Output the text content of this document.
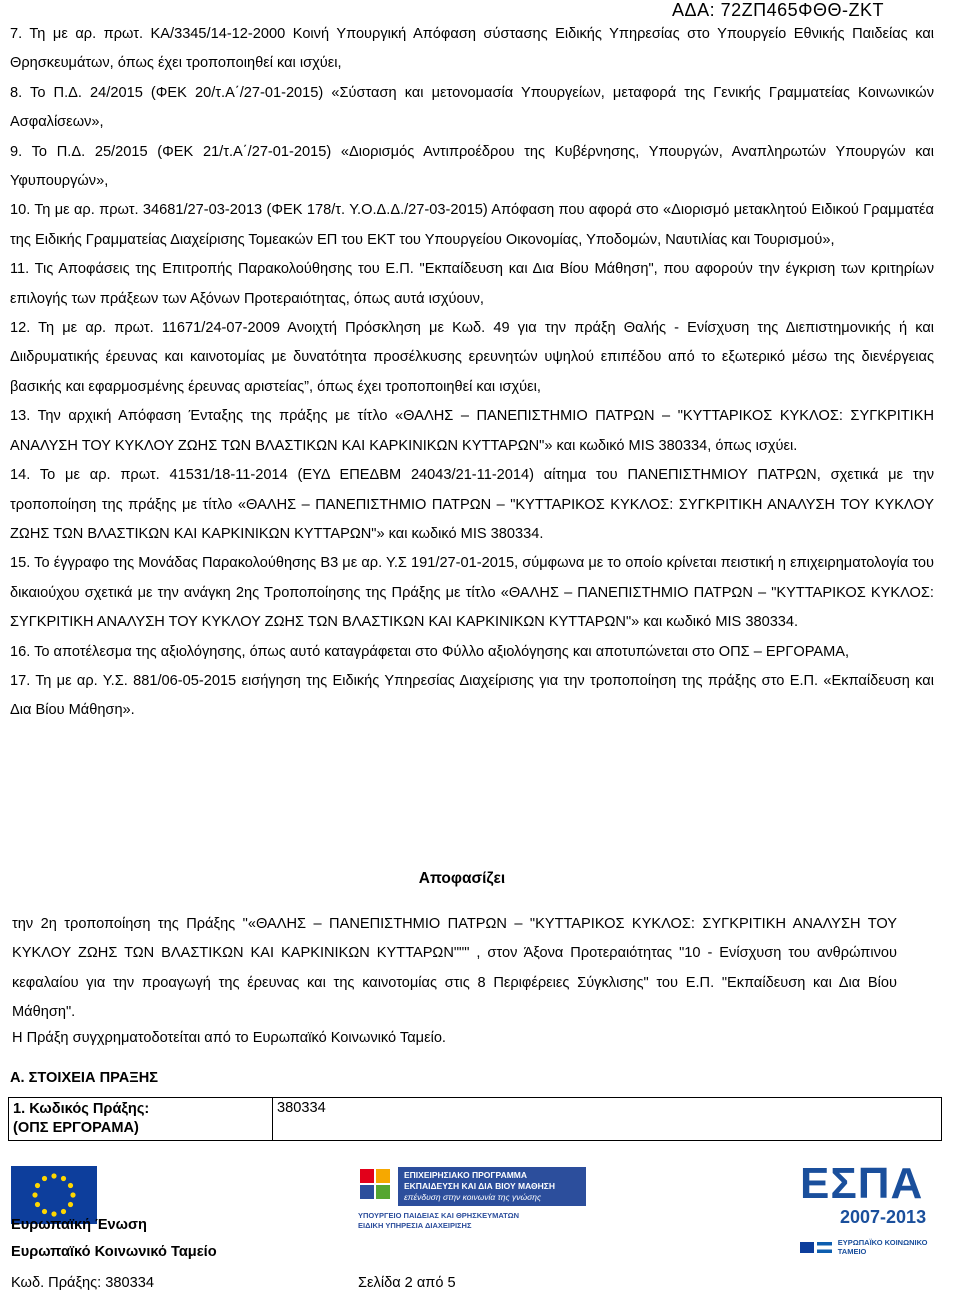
ΑΔΑ: 72ΖΠ465ΦΘΘ-ΖΚΤ

7. Τη με αρ. πρωτ. ΚΑ/3345/14-12-2000 Κοινή Υπουργική Απόφαση σύστασης Ειδικής Υπηρεσίας στο Υπουργείο Εθνικής Παιδείας και Θρησκευμάτων, όπως έχει τροποποιηθεί και ισχύει,

8. Το Π.Δ. 24/2015 (ΦΕΚ 20/τ.Α΄/27-01-2015) «Σύσταση και μετονομασία Υπουργείων, μεταφορά της Γενικής Γραμματείας Κοινωνικών Ασφαλίσεων»,

9. Το Π.Δ. 25/2015 (ΦΕΚ 21/τ.Α΄/27-01-2015) «Διορισμός Αντιπροέδρου της Κυβέρνησης, Υπουργών, Αναπληρωτών Υπουργών και Υφυπουργών»,

10. Τη με αρ. πρωτ. 34681/27-03-2013 (ΦΕΚ 178/τ. Υ.Ο.Δ.Δ./27-03-2015) Απόφαση που αφορά στο «Διορισμό μετακλητού Ειδικού Γραμματέα της Ειδικής Γραμματείας Διαχείρισης Τομεακών ΕΠ του ΕΚΤ του Υπουργείου Οικονομίας, Υποδομών, Ναυτιλίας και Τουρισμού»,

11. Τις Αποφάσεις της Επιτροπής Παρακολούθησης του Ε.Π. "Εκπαίδευση και Δια Βίου Μάθηση", που αφορούν την έγκριση των κριτηρίων επιλογής των πράξεων των Αξόνων Προτεραιότητας, όπως αυτά ισχύουν,

12. Τη με αρ. πρωτ. 11671/24-07-2009 Ανοιχτή Πρόσκληση με Κωδ. 49 για την πράξη Θαλής - Ενίσχυση της Διεπιστημονικής ή και Διιδρυματικής έρευνας και καινοτομίας με δυνατότητα προσέλκυσης ερευνητών υψηλού επιπέδου από το εξωτερικό μέσω της διενέργειας βασικής και εφαρμοσμένης έρευνας αριστείας”, όπως έχει τροποποιηθεί και ισχύει,

13. Την αρχική Απόφαση Ένταξης της πράξης με τίτλο «ΘΑΛΗΣ – ΠΑΝΕΠΙΣΤΗΜΙΟ ΠΑΤΡΩΝ – "ΚΥΤΤΑΡΙΚΟΣ ΚΥΚΛΟΣ: ΣΥΓΚΡΙΤΙΚΗ ΑΝΑΛΥΣΗ ΤΟΥ ΚΥΚΛΟΥ ΖΩΗΣ ΤΩΝ ΒΛΑΣΤΙΚΩΝ ΚΑΙ ΚΑΡΚΙΝΙΚΩΝ ΚΥΤΤΑΡΩΝ"» και κωδικό MIS 380334, όπως ισχύει.

14. Το με αρ. πρωτ. 41531/18-11-2014 (ΕΥΔ ΕΠΕΔΒΜ 24043/21-11-2014) αίτημα του ΠΑΝΕΠΙΣΤΗΜΙΟΥ ΠΑΤΡΩΝ, σχετικά με την τροποποίηση της πράξης με τίτλο «ΘΑΛΗΣ – ΠΑΝΕΠΙΣΤΗΜΙΟ ΠΑΤΡΩΝ – "ΚΥΤΤΑΡΙΚΟΣ ΚΥΚΛΟΣ: ΣΥΓΚΡΙΤΙΚΗ ΑΝΑΛΥΣΗ ΤΟΥ ΚΥΚΛΟΥ ΖΩΗΣ ΤΩΝ ΒΛΑΣΤΙΚΩΝ ΚΑΙ ΚΑΡΚΙΝΙΚΩΝ ΚΥΤΤΑΡΩΝ"» και κωδικό MIS 380334.

15. Το έγγραφο της Μονάδας Παρακολούθησης Β3 με αρ. Υ.Σ 191/27-01-2015, σύμφωνα με το οποίο κρίνεται πειστική η επιχειρηματολογία του δικαιούχου σχετικά με την ανάγκη 2ης Τροποποίησης της Πράξης με τίτλο «ΘΑΛΗΣ – ΠΑΝΕΠΙΣΤΗΜΙΟ ΠΑΤΡΩΝ – "ΚΥΤΤΑΡΙΚΟΣ ΚΥΚΛΟΣ: ΣΥΓΚΡΙΤΙΚΗ ΑΝΑΛΥΣΗ ΤΟΥ ΚΥΚΛΟΥ ΖΩΗΣ ΤΩΝ ΒΛΑΣΤΙΚΩΝ ΚΑΙ ΚΑΡΚΙΝΙΚΩΝ ΚΥΤΤΑΡΩΝ"» και κωδικό MIS 380334.

16. Το αποτέλεσμα της αξιολόγησης, όπως αυτό καταγράφεται στο Φύλλο αξιολόγησης και αποτυπώνεται στο ΟΠΣ – ΕΡΓΟΡΑΜΑ,

17. Τη με αρ. Υ.Σ. 881/06-05-2015 εισήγηση της Ειδικής Υπηρεσίας Διαχείρισης για την τροποποίηση της πράξης στο Ε.Π. «Εκπαίδευση και Δια Βίου Μάθηση».

Αποφασίζει
την 2η τροποποίηση της Πράξης "«ΘΑΛΗΣ – ΠΑΝΕΠΙΣΤΗΜΙΟ ΠΑΤΡΩΝ – "ΚΥΤΤΑΡΙΚΟΣ ΚΥΚΛΟΣ: ΣΥΓΚΡΙΤΙΚΗ ΑΝΑΛΥΣΗ ΤΟΥ ΚΥΚΛΟΥ ΖΩΗΣ ΤΩΝ ΒΛΑΣΤΙΚΩΝ ΚΑΙ ΚΑΡΚΙΝΙΚΩΝ ΚΥΤΤΑΡΩΝ""" , στον Άξονα Προτεραιότητας "10 - Ενίσχυση του ανθρώπινου κεφαλαίου για την προαγωγή της έρευνας και της καινοτομίας στις 8 Περιφέρειες Σύγκλισης" του Ε.Π. "Εκπαίδευση και Δια Βίου Μάθηση".
Η Πράξη συγχρηματοδοτείται από το Ευρωπαϊκό Κοινωνικό Ταμείο.
Α. ΣΤΟΙΧΕΙΑ ΠΡΑΞΗΣ
1. Κωδικός Πράξης:
(ΟΠΣ ΕΡΓΟΡΑΜΑ)
	380334
Ευρωπαϊκή Ένωση
Ευρωπαϊκό Κοινωνικό Ταμείο
ΕΠΙΧΕΙΡΗΣΙΑΚΟ ΠΡΟΓΡΑΜΜΑ
ΕΚΠΑΙΔΕΥΣΗ ΚΑΙ ΔΙΑ ΒΙΟΥ ΜΑΘΗΣΗ
επένδυση στην κοινωνία της γνώσης
ΥΠΟΥΡΓΕΙΟ ΠΑΙΔΕΙΑΣ ΚΑΙ ΘΡΗΣΚΕΥΜΑΤΩΝ
ΕΙΔΙΚΗ ΥΠΗΡΕΣΙΑ ΔΙΑΧΕΙΡΙΣΗΣ
ΕΣΠΑ
2007-2013
ΕΥΡΩΠΑΪΚΟ ΚΟΙΝΩΝΙΚΟ ΤΑΜΕΙΟ
Κωδ. Πράξης: 380334	Σελίδα 2 από 5
